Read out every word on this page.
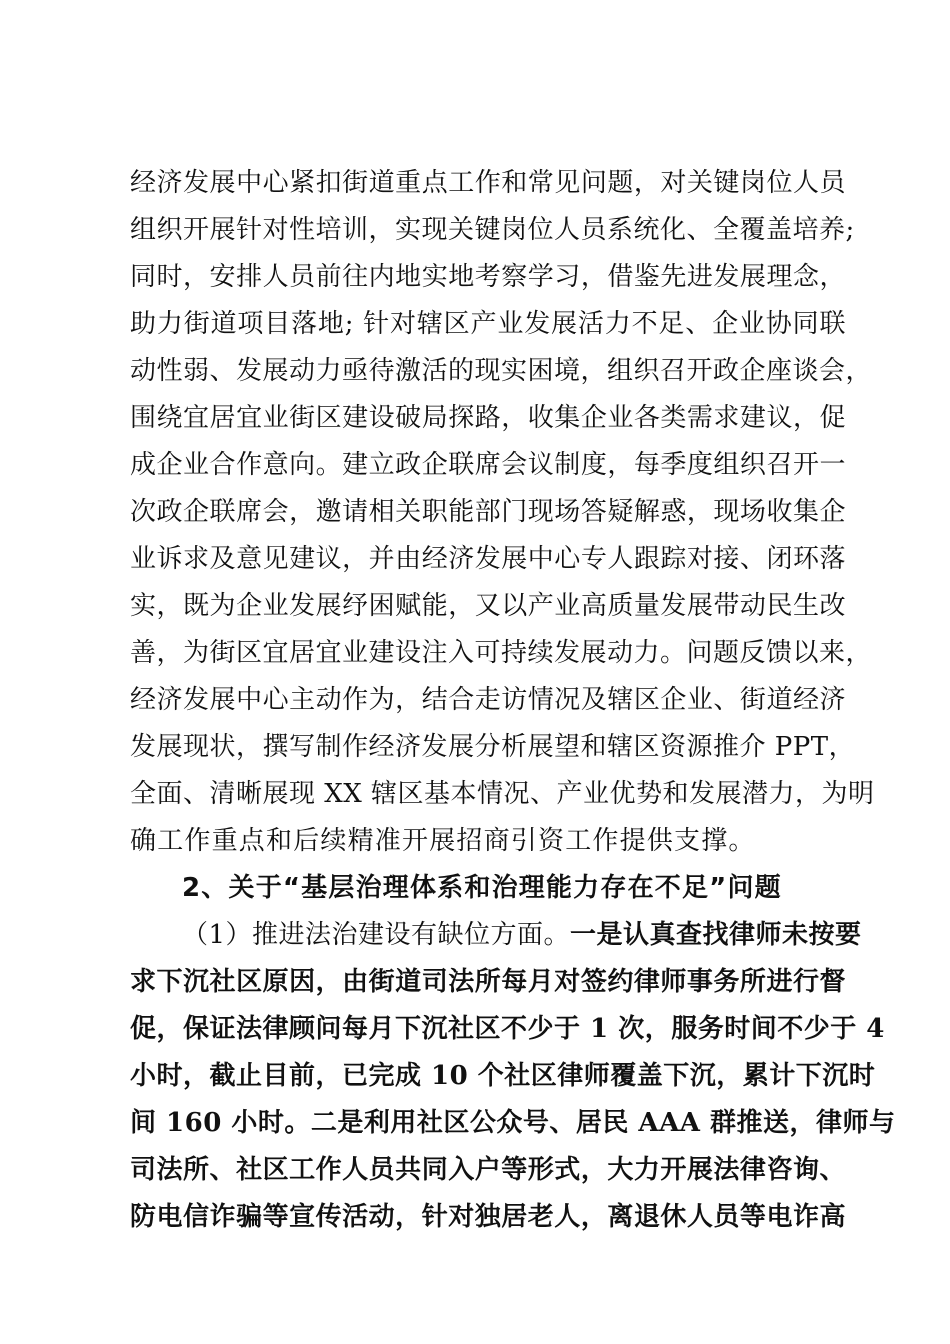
经济发展中心紧扣街道重点工作和常见问题，对关键岗位人员
组织开展针对性培训，实现关键岗位人员系统化、全覆盖培养;
同时，安排人员前往内地实地考察学习，借鉴先进发展理念，
助力街道项目落地; 针对辖区产业发展活力不足、企业协同联
动性弱、发展动力亟待激活的现实困境，组织召开政企座谈会，
围绕宜居宜业街区建设破局探路，收集企业各类需求建议，促
成企业合作意向。建立政企联席会议制度，每季度组织召开一
次政企联席会，邀请相关职能部门现场答疑解惑，现场收集企
业诉求及意见建议，并由经济发展中心专人跟踪对接、闭环落
实，既为企业发展纾困赋能，又以产业高质量发展带动民生改
善，为街区宜居宜业建设注入可持续发展动力。问题反馈以来，
经济发展中心主动作为，结合走访情况及辖区企业、街道经济
发展现状，撰写制作经济发展分析展望和辖区资源推介 PPT，
全面、清晰展现 XX 辖区基本情况、产业优势和发展潜力，为明
确工作重点和后续精准开展招商引资工作提供支撑。
2、关于“基层治理体系和治理能力存在不足”问题
（1）推进法治建设有缺位方面。一是认真查找律师未按要
求下沉社区原因，由街道司法所每月对签约律师事务所进行督
促，保证法律顾问每月下沉社区不少于 1 次，服务时间不少于 4
小时，截止目前，已完成 10 个社区律师覆盖下沉，累计下沉时
间 160 小时。二是利用社区公众号、居民 AAA 群推送，律师与
司法所、社区工作人员共同入户等形式，大力开展法律咨询、
防电信诈骗等宣传活动，针对独居老人，离退休人员等电诈高
